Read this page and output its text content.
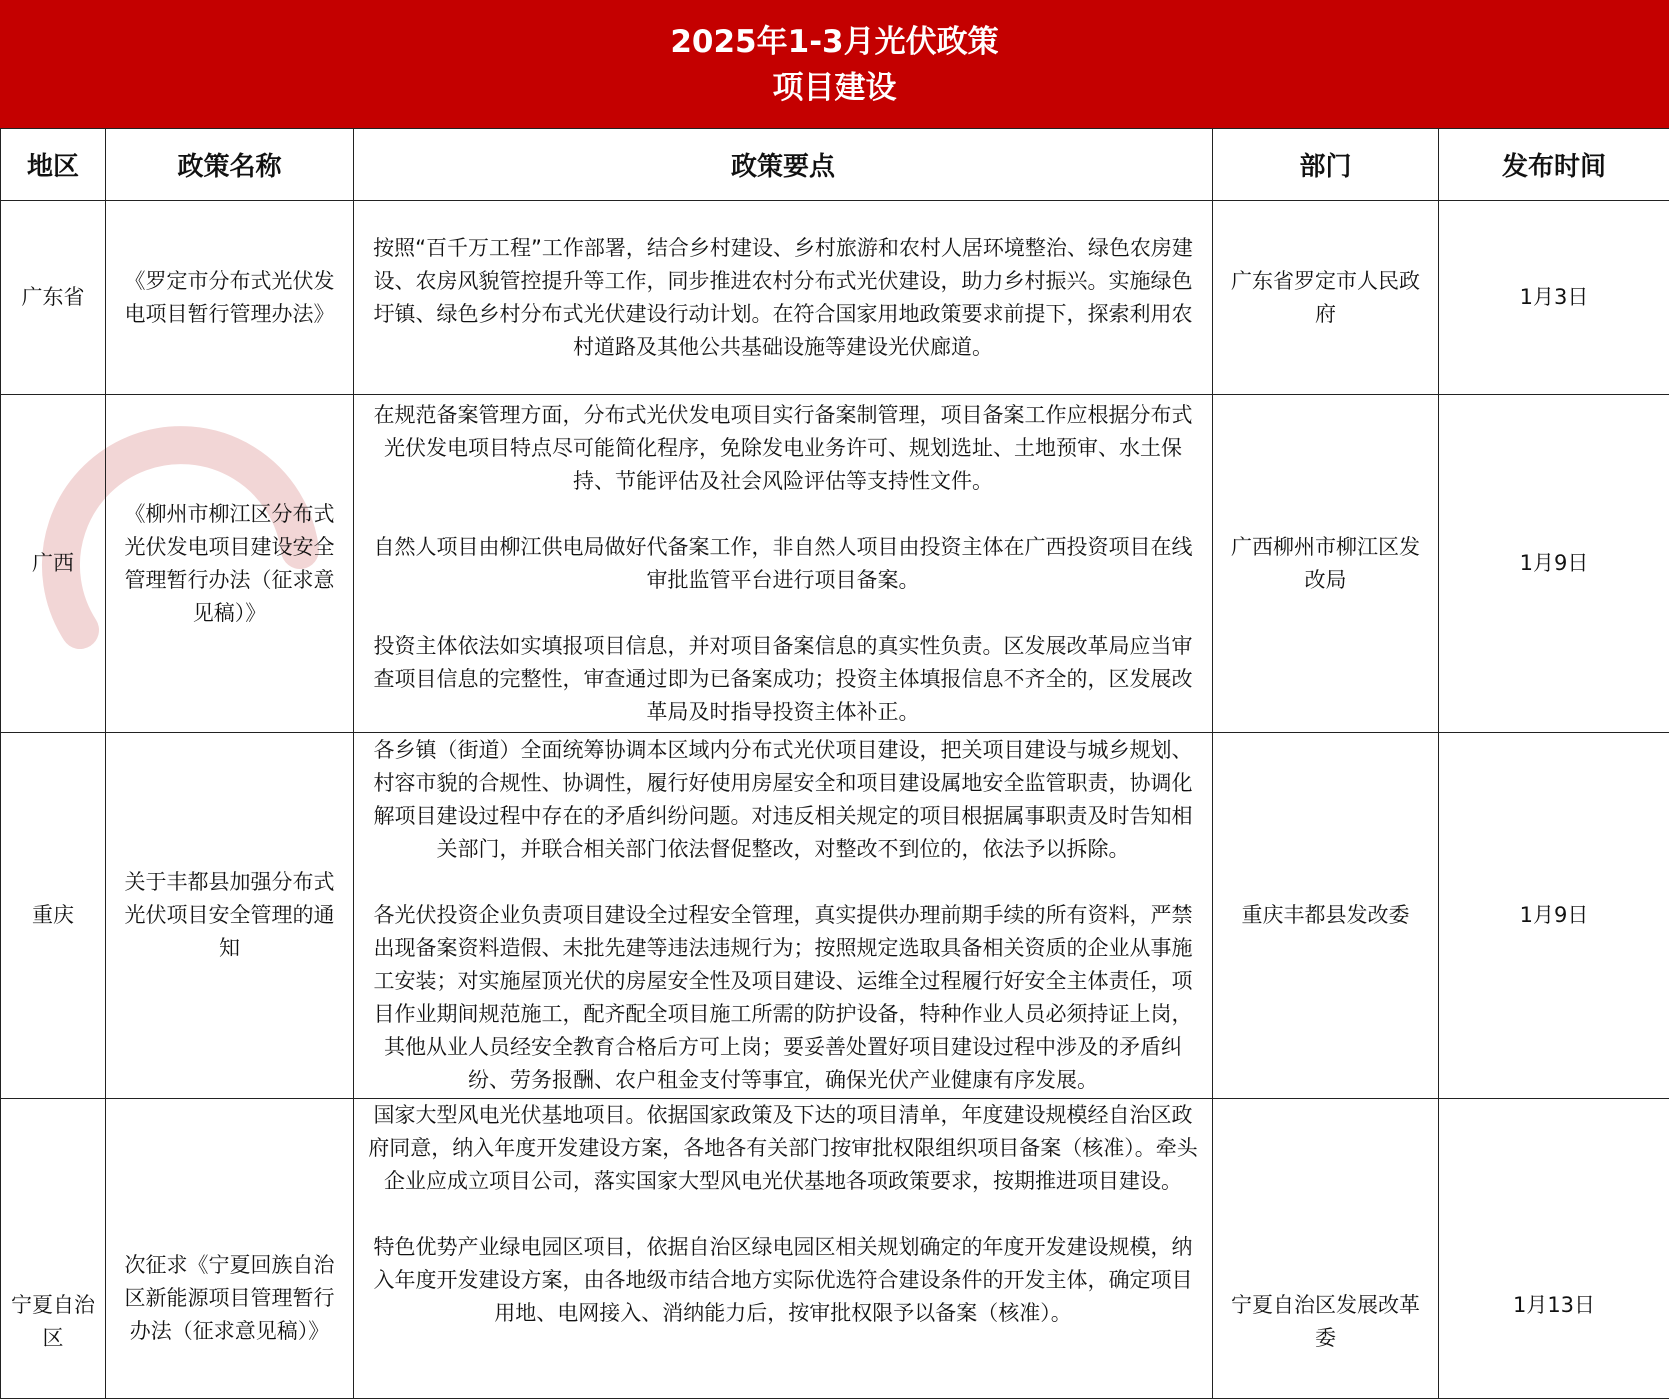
2025年1-3月光伏政策
项目建设
地区	政策名称	政策要点	部门	发布时间
广东省	《罗定市分布式光伏发电项目暂行管理办法》	按照“百千万工程”工作部署，结合乡村建设、乡村旅游和农村人居环境整治、绿色农房建设、农房风貌管控提升等工作，同步推进农村分布式光伏建设，助力乡村振兴。实施绿色圩镇、绿色乡村分布式光伏建设行动计划。在符合国家用地政策要求前提下，探索利用农村道路及其他公共基础设施等建设光伏廊道。	广东省罗定市人民政府	1月3日
广西	《柳州市柳江区分布式光伏发电项目建设安全管理暂行办法（征求意见稿）》	在规范备案管理方面，分布式光伏发电项目实行备案制管理，项目备案工作应根据分布式光伏发电项目特点尽可能简化程序，免除发电业务许可、规划选址、土地预审、水土保持、节能评估及社会风险评估等支持性文件。

自然人项目由柳江供电局做好代备案工作，非自然人项目由投资主体在广西投资项目在线审批监管平台进行项目备案。

投资主体依法如实填报项目信息，并对项目备案信息的真实性负责。区发展改革局应当审查项目信息的完整性，审查通过即为已备案成功；投资主体填报信息不齐全的，区发展改革局及时指导投资主体补正。	广西柳州市柳江区发改局	1月9日
重庆	关于丰都县加强分布式光伏项目安全管理的通知	各乡镇（街道）全面统筹协调本区域内分布式光伏项目建设，把关项目建设与城乡规划、村容市貌的合规性、协调性，履行好使用房屋安全和项目建设属地安全监管职责，协调化解项目建设过程中存在的矛盾纠纷问题。对违反相关规定的项目根据属事职责及时告知相关部门，并联合相关部门依法督促整改，对整改不到位的，依法予以拆除。

各光伏投资企业负责项目建设全过程安全管理，真实提供办理前期手续的所有资料，严禁出现备案资料造假、未批先建等违法违规行为；按照规定选取具备相关资质的企业从事施工安装；对实施屋顶光伏的房屋安全性及项目建设、运维全过程履行好安全主体责任，项目作业期间规范施工，配齐配全项目施工所需的防护设备，特种作业人员必须持证上岗，其他从业人员经安全教育合格后方可上岗；要妥善处置好项目建设过程中涉及的矛盾纠纷、劳务报酬、农户租金支付等事宜，确保光伏产业健康有序发展。	重庆丰都县发改委	1月9日
宁夏自治区	次征求《宁夏回族自治区新能源项目管理暂行办法（征求意见稿）》	国家大型风电光伏基地项目。依据国家政策及下达的项目清单，年度建设规模经自治区政府同意，纳入年度开发建设方案，各地各有关部门按审批权限组织项目备案（核准）。牵头企业应成立项目公司，落实国家大型风电光伏基地各项政策要求，按期推进项目建设。

特色优势产业绿电园区项目，依据自治区绿电园区相关规划确定的年度开发建设规模，纳入年度开发建设方案，由各地级市结合地方实际优选符合建设条件的开发主体，确定项目用地、电网接入、消纳能力后，按审批权限予以备案（核准）。	宁夏自治区发展改革委	1月13日
